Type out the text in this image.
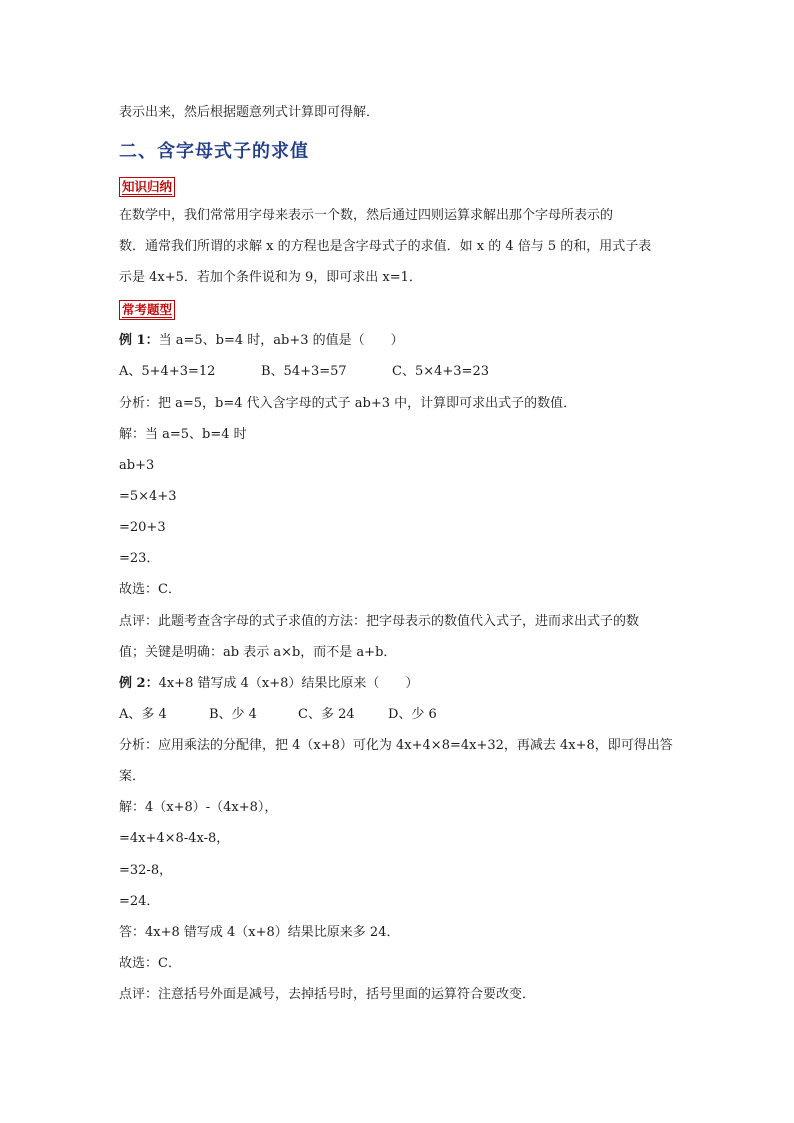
表示出来，然后根据题意列式计算即可得解．
二、含字母式子的求值
知识归纳
在数学中，我们常常用字母来表示一个数，然后通过四则运算求解出那个字母所表示的
数．通常我们所谓的求解 x 的方程也是含字母式子的求值．如 x 的 4 倍与 5 的和，用式子表
示是 4x+5．若加个条件说和为 9，即可求出 x=1．
常考题型
例 1：当 a=5、b=4 时，ab+3 的值是（　　）
A、5+4+3=12	B、54+3=57	C、5×4+3=23
分析：把 a=5，b=4 代入含字母的式子 ab+3 中，计算即可求出式子的数值．
解：当 a=5、b=4 时
ab+3
=5×4+3
=20+3
=23．
故选：C．
点评：此题考查含字母的式子求值的方法：把字母表示的数值代入式子，进而求出式子的数
值；关键是明确：ab 表示 a×b，而不是 a+b．
例 2：4x+8 错写成 4（x+8）结果比原来（　　）
A、多 4	B、少 4	C、多 24	D、少 6
分析：应用乘法的分配律，把 4（x+8）可化为 4x+4×8=4x+32，再减去 4x+8，即可得出答
案．
解：4（x+8）-（4x+8），
=4x+4×8-4x-8，
=32-8，
=24．
答：4x+8 错写成 4（x+8）结果比原来多 24．
故选：C．
点评：注意括号外面是减号，去掉括号时，括号里面的运算符合要改变．
